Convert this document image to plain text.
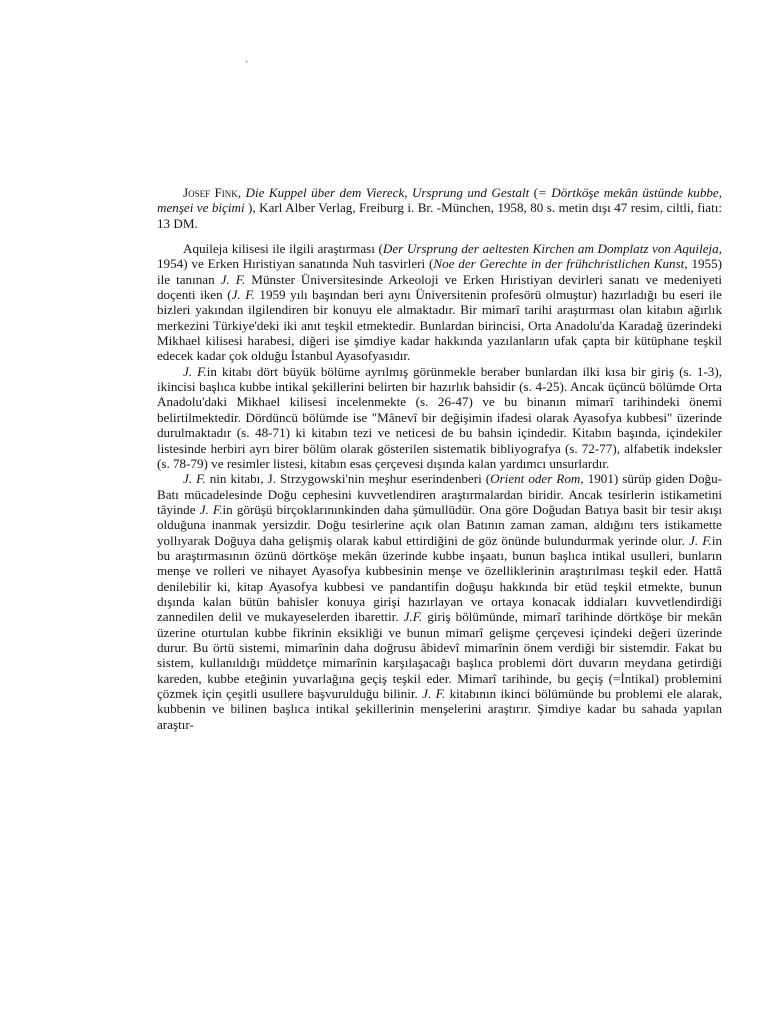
Josef Fink, Die Kuppel über dem Viereck, Ursprung und Gestalt (= Dörtköşe mekân üstünde kubbe, menşei ve biçimi ), Karl Alber Verlag, Freiburg i. Br. -München, 1958, 80 s. metin dışı 47 resim, ciltli, fiatı: 13 DM.

Aquileja kilisesi ile ilgili araştırması (Der Ursprung der aeltesten Kirchen am Domplatz von Aquileja, 1954) ve Erken Hıristiyan sanatında Nuh tasvirleri (Noe der Gerechte in der frühchristlichen Kunst, 1955) ile tanınan J. F. Münster Üniversitesinde Arkeoloji ve Erken Hıristiyan devirleri sanatı ve medeniyeti doçenti iken (J. F. 1959 yılı başından beri aynı Üniversitenin profesörü olmuştur) hazırladığı bu eseri ile bizleri yakından ilgilendiren bir konuyu ele almaktadır. Bir mimarî tarihi araştırması olan kitabın ağırlık merkezini Türkiye'deki iki anıt teşkil etmektedir. Bunlardan birincisi, Orta Anadolu'da Karadağ üzerindeki Mikhael kilisesi harabesi, diğeri ise şimdiye kadar hakkında yazılanların ufak çapta bir kütüphane teşkil edecek kadar çok olduğu İstanbul Ayasofyasıdır.

J. F.in kitabı dört büyük bölüme ayrılmış görünmekle beraber bunlardan ilki kısa bir giriş (s. 1-3), ikincisi başlıca kubbe intikal şekillerini belirten bir hazırlık bahsidir (s. 4-25). Ancak üçüncü bölümde Orta Anadolu'daki Mikhael kilisesi incelenmekte (s. 26-47) ve bu binanın mimarî tarihindeki önemi belirtilmektedir. Dördüncü bölümde ise "Mânevî bir değişimin ifadesi olarak Ayasofya kubbesi" üzerinde durulmaktadır (s. 48-71) ki kitabın tezi ve neticesi de bu bahsin içindedir. Kitabın başında, içindekiler listesinde herbiri ayrı birer bölüm olarak gösterilen sistematik bibliyografya (s. 72-77), alfabetik indeksler (s. 78-79) ve resimler listesi, kitabın esas çerçevesi dışında kalan yardımcı unsurlardır.

J. F. nin kitabı, J. Strzygowski'nin meşhur eserindenberi (Orient oder Rom, 1901) sürüp giden Doğu-Batı mücadelesinde Doğu cephesini kuvvetlendiren araştırmalardan biridir. Ancak tesirlerin istikametini tâyinde J. F.in görüşü birçoklarınınkinden daha şümullüdür. Ona göre Doğudan Batıya basit bir tesir akışı olduğuna inanmak yersizdir. Doğu tesirlerine açık olan Batının zaman zaman, aldığını ters istikamette yollıyarak Doğuya daha gelişmiş olarak kabul ettirdiğini de göz önünde bulundurmak yerinde olur. J. F.in bu araştırmasının özünü dörtköşe mekân üzerinde kubbe inşaatı, bunun başlıca intikal usulleri, bunların menşe ve rolleri ve nihayet Ayasofya kubbesinin menşe ve özelliklerinin araştırılması teşkil eder. Hattâ denilebilir ki, kitap Ayasofya kubbesi ve pandantifin doğuşu hakkında bir etüd teşkil etmekte, bunun dışında kalan bütün bahisler konuya girişi hazırlayan ve ortaya konacak iddiaları kuvvetlendirdiği zannedilen delil ve mukayeselerden ibarettir. J.F. giriş bölümünde, mimarî tarihinde dörtköşe bir mekân üzerine oturtulan kubbe fikrinin eksikliği ve bunun mimarî gelişme çerçevesi içindeki değeri üzerinde durur. Bu örtü sistemi, mimarînin daha doğrusu âbidevî mimarînin önem verdiği bir sistemdir. Fakat bu sistem, kullanıldığı müddetçe mimarînin karşılaşacağı başlıca problemi dört duvarın meydana getirdiği kareden, kubbe eteğinin yuvarlağına geçiş teşkil eder. Mimarî tarihinde, bu geçiş (=İntikal) problemini çözmek için çeşitli usullere başvurulduğu bilinir. J. F. kitabının ikinci bölümünde bu problemi ele alarak, kubbenin ve bilinen başlıca intikal şekillerinin menşelerini araştırır. Şimdiye kadar bu sahada yapılan araştır-
